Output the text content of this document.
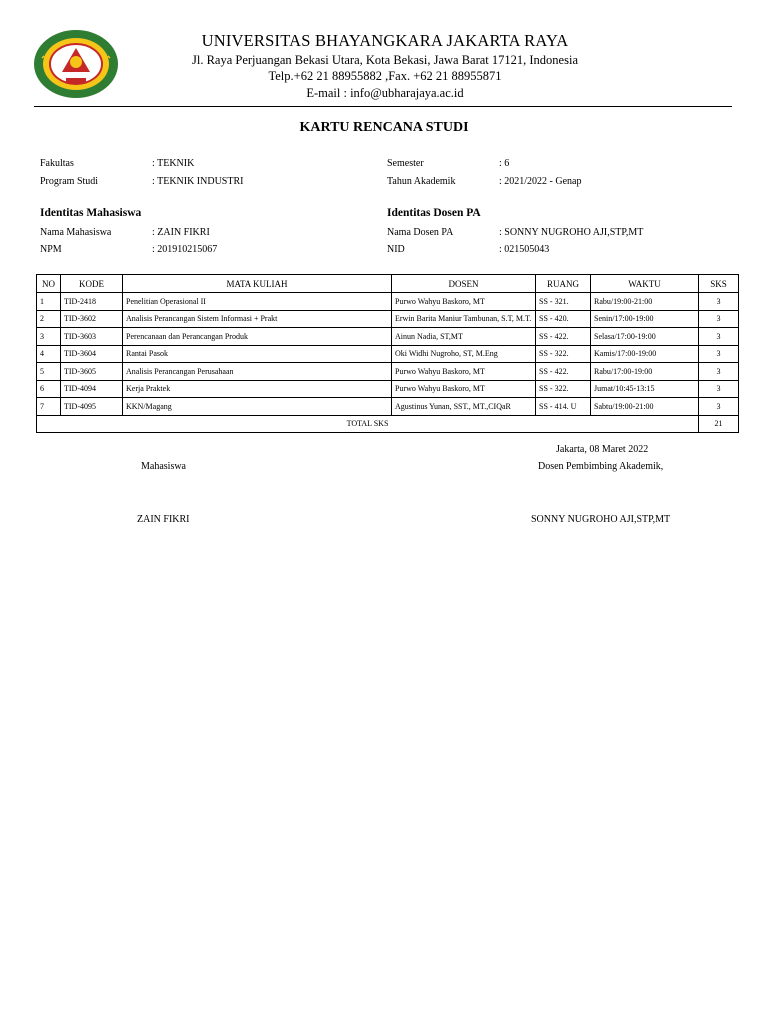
UNIVERSITAS BHAYANGKARA JAKARTA RAYA
Jl. Raya Perjuangan Bekasi Utara, Kota Bekasi, Jawa Barat 17121, Indonesia
Telp.+62 21 88955882 ,Fax. +62 21 88955871
E-mail : info@ubharajaya.ac.id
KARTU RENCANA STUDI
Fakultas	: TEKNIK
Program Studi	: TEKNIK INDUSTRI
Semester	: 6
Tahun Akademik	: 2021/2022 - Genap
Identitas Mahasiswa
Nama Mahasiswa	: ZAIN FIKRI
NPM	: 201910215067
Identitas Dosen PA
Nama Dosen PA	: SONNY NUGROHO AJI,STP,MT
NID	: 021505043
NO	KODE	MATA KULIAH	DOSEN	RUANG	WAKTU	SKS
1	TID-2418	Penelitian Operasional II	Purwo Wahyu Baskoro, MT	SS - 321.	Rabu/19:00-21:00	3
2	TID-3602	Analisis Perancangan Sistem Informasi + Prakt	Erwin Barita Maniur Tambunan, S.T, M.T.	SS - 420.	Senin/17:00-19:00	3
3	TID-3603	Perencanaan dan Perancangan Produk	Ainun Nadia, ST,MT	SS - 422.	Selasa/17:00-19:00	3
4	TID-3604	Rantai Pasok	Oki Widhi Nugroho, ST, M.Eng	SS - 322.	Kamis/17:00-19:00	3
5	TID-3605	Analisis Perancangan Perusahaan	Purwo Wahyu Baskoro, MT	SS - 422.	Rabu/17:00-19:00	3
6	TID-4094	Kerja Praktek	Purwo Wahyu Baskoro, MT	SS - 322.	Jumat/10:45-13:15	3
7	TID-4095	KKN/Magang	Agustinus Yunan, SST., MT.,CIQaR	SS - 414. U	Sabtu/19:00-21:00	3
TOTAL SKS						21
Jakarta, 08 Maret 2022
Mahasiswa	Dosen Pembimbing Akademik,
ZAIN FIKRI	SONNY NUGROHO AJI,STP,MT
